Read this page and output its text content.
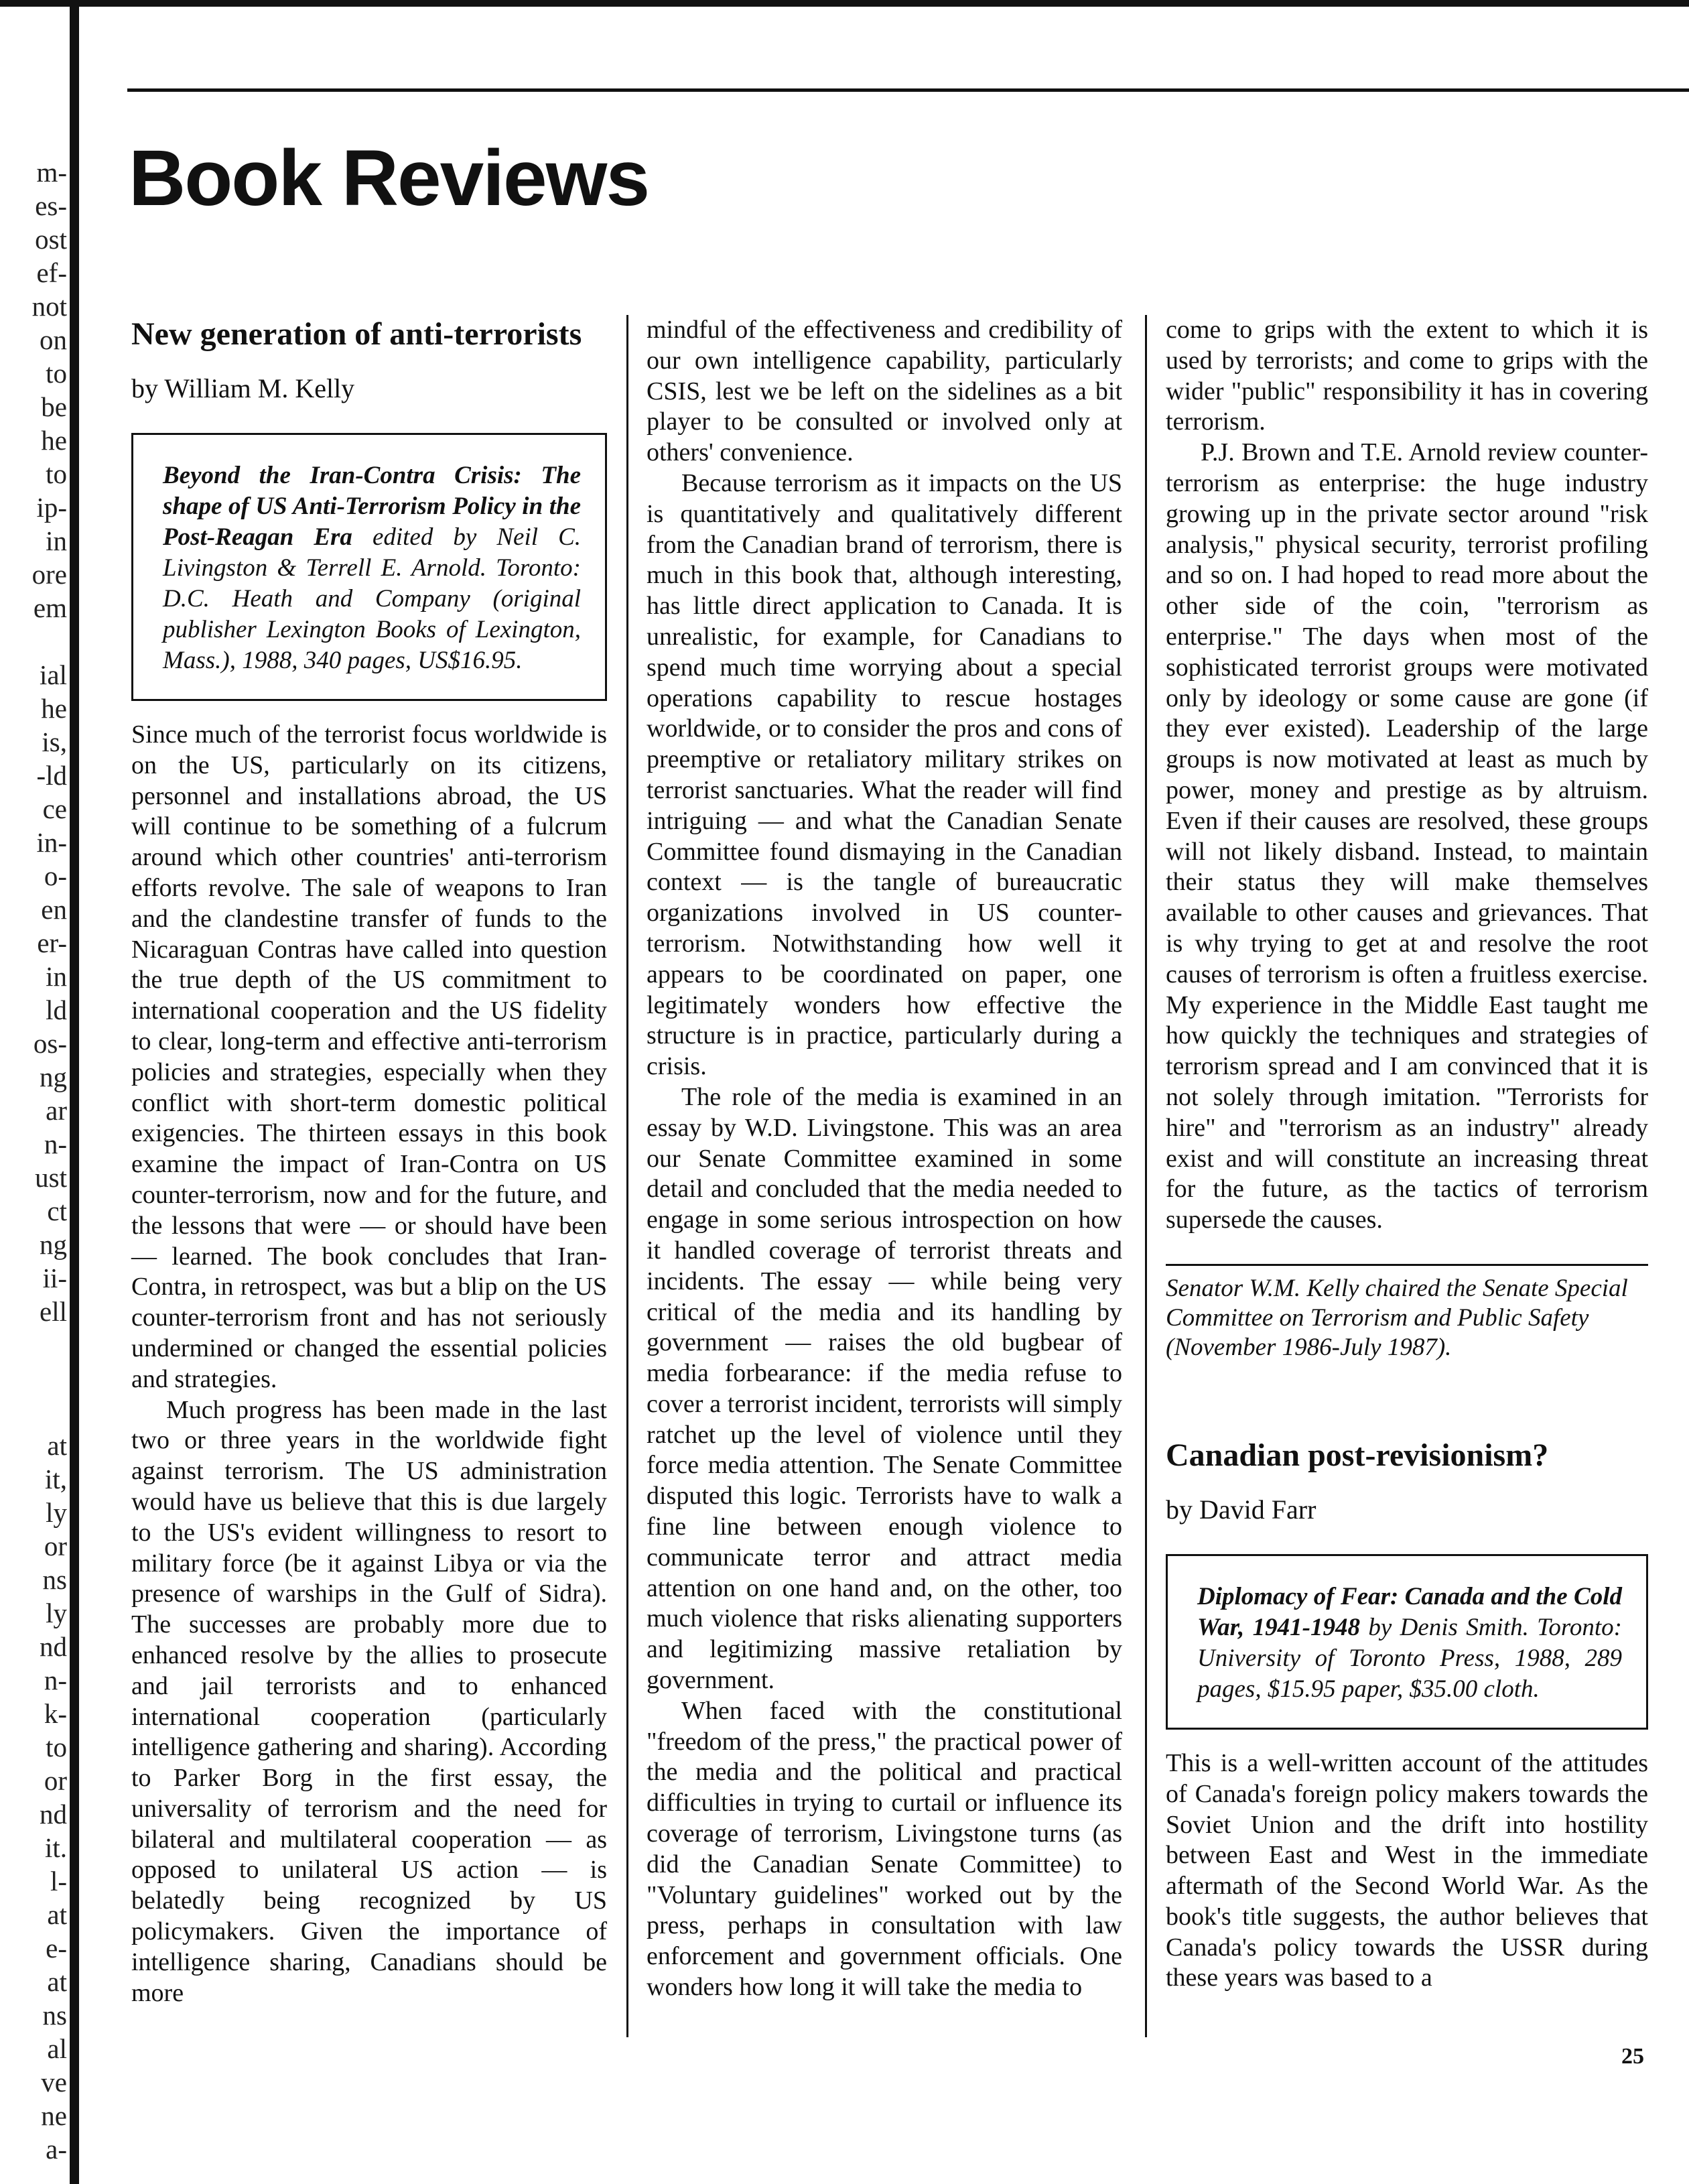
m-
es-
ost
ef-
not
on
to
be
he
to
ip-
in
ore
em
ial
he
is,
-ld
ce
in-
o-
en
er-
in
ld
os-
ng
ar
n-
ust
ct
ng
ii-
ell
at
it,
ly
or
ns
ly
nd
n-
k-
to
or
nd
it.
l-
at
e-
at
ns
al
ve
ne
a-
Book Reviews
New generation of anti-terrorists

by William M. Kelly

Beyond the Iran-Contra Crisis: The shape of US Anti-Terrorism Policy in the Post-Reagan Era edited by Neil C. Livingston & Terrell E. Arnold. Toronto: D.C. Heath and Company (original publisher Lexington Books of Lexington, Mass.), 1988, 340 pages, US$16.95.

Since much of the terrorist focus worldwide is on the US, particularly on its citizens, personnel and installations abroad, the US will continue to be something of a fulcrum around which other countries' anti-terrorism efforts revolve. The sale of weapons to Iran and the clandestine transfer of funds to the Nicaraguan Contras have called into question the true depth of the US commitment to international cooperation and the US fidelity to clear, long-term and effective anti-terrorism policies and strategies, especially when they conflict with short-term domestic political exigencies. The thirteen essays in this book examine the impact of Iran-Contra on US counter-terrorism, now and for the future, and the lessons that were — or should have been — learned. The book concludes that Iran-Contra, in retrospect, was but a blip on the US counter-terrorism front and has not seriously undermined or changed the essential policies and strategies.

Much progress has been made in the last two or three years in the worldwide fight against terrorism. The US administration would have us believe that this is due largely to the US's evident willingness to resort to military force (be it against Libya or via the presence of warships in the Gulf of Sidra). The successes are probably more due to enhanced resolve by the allies to prosecute and jail terrorists and to enhanced international cooperation (particularly intelligence gathering and sharing). According to Parker Borg in the first essay, the universality of terrorism and the need for bilateral and multilateral cooperation — as opposed to unilateral US action — is belatedly being recognized by US policymakers. Given the importance of intelligence sharing, Canadians should be more

mindful of the effectiveness and credibility of our own intelligence capability, particularly CSIS, lest we be left on the sidelines as a bit player to be consulted or involved only at others' convenience.

Because terrorism as it impacts on the US is quantitatively and qualitatively different from the Canadian brand of terrorism, there is much in this book that, although interesting, has little direct application to Canada. It is unrealistic, for example, for Canadians to spend much time worrying about a special operations capability to rescue hostages worldwide, or to consider the pros and cons of preemptive or retaliatory military strikes on terrorist sanctuaries. What the reader will find intriguing — and what the Canadian Senate Committee found dismaying in the Canadian context — is the tangle of bureaucratic organizations involved in US counter-terrorism. Notwithstanding how well it appears to be coordinated on paper, one legitimately wonders how effective the structure is in practice, particularly during a crisis.

The role of the media is examined in an essay by W.D. Livingstone. This was an area our Senate Committee examined in some detail and concluded that the media needed to engage in some serious introspection on how it handled coverage of terrorist threats and incidents. The essay — while being very critical of the media and its handling by government — raises the old bugbear of media forbearance: if the media refuse to cover a terrorist incident, terrorists will simply ratchet up the level of violence until they force media attention. The Senate Committee disputed this logic. Terrorists have to walk a fine line between enough violence to communicate terror and attract media attention on one hand and, on the other, too much violence that risks alienating supporters and legitimizing massive retaliation by government.

When faced with the constitutional "freedom of the press," the practical power of the media and the political and practical difficulties in trying to curtail or influence its coverage of terrorism, Livingstone turns (as did the Canadian Senate Committee) to "Voluntary guidelines" worked out by the press, perhaps in consultation with law enforcement and government officials. One wonders how long it will take the media to

come to grips with the extent to which it is used by terrorists; and come to grips with the wider "public" responsibility it has in covering terrorism.

P.J. Brown and T.E. Arnold review counter-terrorism as enterprise: the huge industry growing up in the private sector around "risk analysis," physical security, terrorist profiling and so on. I had hoped to read more about the other side of the coin, "terrorism as enterprise." The days when most of the sophisticated terrorist groups were motivated only by ideology or some cause are gone (if they ever existed). Leadership of the large groups is now motivated at least as much by power, money and prestige as by altruism. Even if their causes are resolved, these groups will not likely disband. Instead, to maintain their status they will make themselves available to other causes and grievances. That is why trying to get at and resolve the root causes of terrorism is often a fruitless exercise. My experience in the Middle East taught me how quickly the techniques and strategies of terrorism spread and I am convinced that it is not solely through imitation. "Terrorists for hire" and "terrorism as an industry" already exist and will constitute an increasing threat for the future, as the tactics of terrorism supersede the causes.

Senator W.M. Kelly chaired the Senate Special Committee on Terrorism and Public Safety (November 1986-July 1987).

Canadian post-revisionism?

by David Farr

Diplomacy of Fear: Canada and the Cold War, 1941-1948 by Denis Smith. Toronto: University of Toronto Press, 1988, 289 pages, $15.95 paper, $35.00 cloth.

This is a well-written account of the attitudes of Canada's foreign policy makers towards the Soviet Union and the drift into hostility between East and West in the immediate aftermath of the Second World War. As the book's title suggests, the author believes that Canada's policy towards the USSR during these years was based to a

25
